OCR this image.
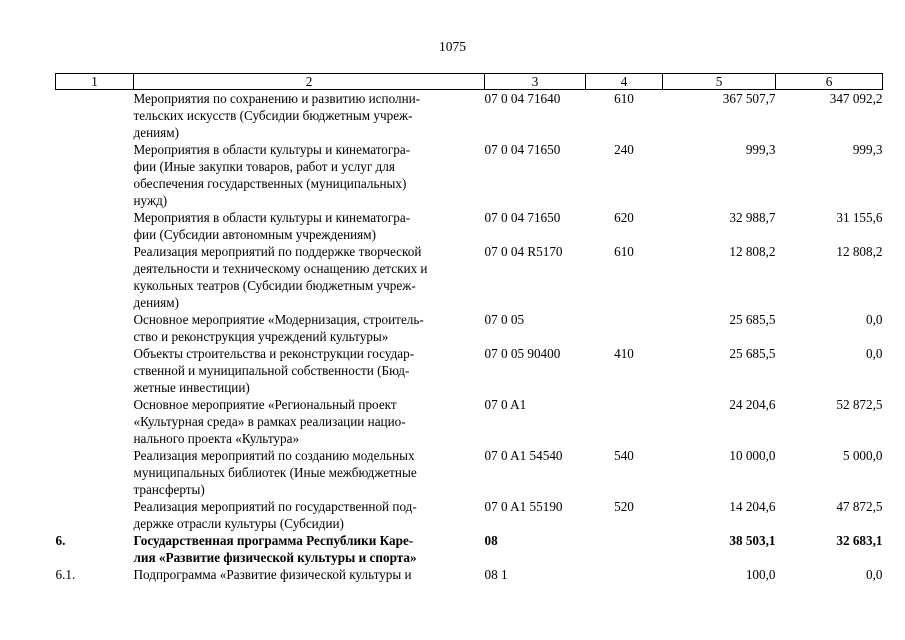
1075
1	2	3	4	5	6
	Мероприятия по сохранению и развитию исполни-
тельских искусств (Субсидии бюджетным учреж-
дениям)	07 0 04 71640	610	367 507,7	347 092,2
	Мероприятия в области культуры и кинематогра-
фии (Иные закупки товаров, работ и услуг для
обеспечения государственных (муниципальных)
нужд)	07 0 04 71650	240	999,3	999,3
	Мероприятия в области культуры и кинематогра-
фии (Субсидии автономным учреждениям)	07 0 04 71650	620	32 988,7	31 155,6
	Реализация мероприятий по поддержке творческой
деятельности и техническому оснащению детских и
кукольных театров (Субсидии бюджетным учреж-
дениям)	07 0 04 R5170	610	12 808,2	12 808,2
	Основное мероприятие «Модернизация, строитель-
ство и реконструкция учреждений культуры»	07 0 05		25 685,5	0,0
	Объекты строительства и реконструкции государ-
ственной и муниципальной собственности (Бюд-
жетные инвестиции)	07 0 05 90400	410	25 685,5	0,0
	Основное мероприятие «Региональный проект
«Культурная среда» в рамках реализации нацио-
нального проекта «Культура»	07 0 A1		24 204,6	52 872,5
	Реализация мероприятий по созданию модельных
муниципальных библиотек (Иные межбюджетные
трансферты)	07 0 A1 54540	540	10 000,0	5 000,0
	Реализация мероприятий по государственной под-
держке отрасли культуры (Субсидии)	07 0 A1 55190	520	14 204,6	47 872,5
6.	Государственная программа Республики Каре-
лия «Развитие физической культуры и спорта»	08		38 503,1	32 683,1
6.1.	Подпрограмма «Развитие физической культуры и	08 1		100,0	0,0
